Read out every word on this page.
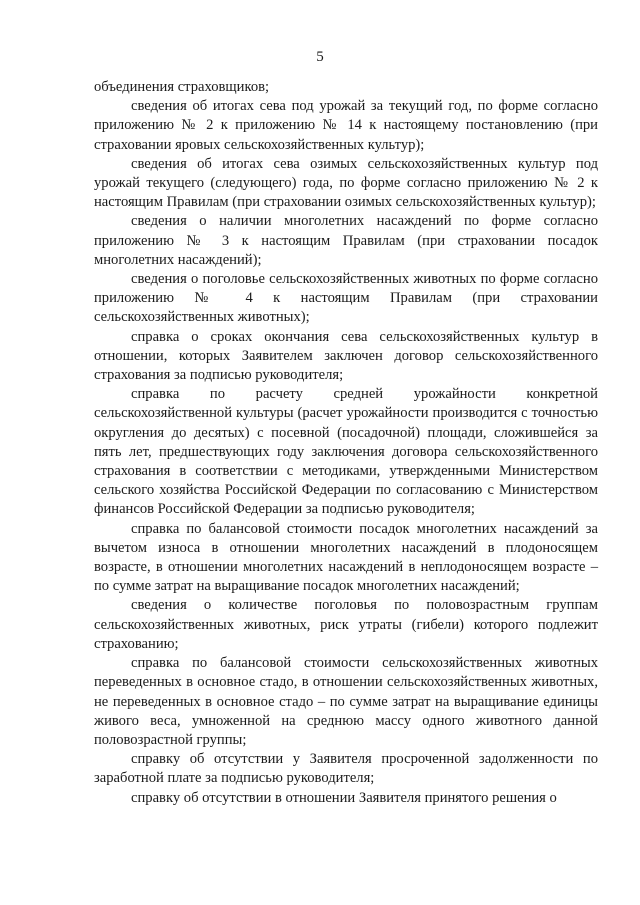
5

объединения страховщиков;

сведения об итогах сева под урожай за текущий год, по форме согласно приложению № 2 к приложению № 14 к настоящему постановлению (при страховании яровых сельскохозяйственных культур);

сведения об итогах сева озимых сельскохозяйственных культур под урожай текущего (следующего) года, по форме согласно приложению № 2 к настоящим Правилам (при страховании озимых сельскохозяйственных культур);

сведения о наличии многолетних насаждений по форме согласно приложению № 3 к настоящим Правилам (при страховании посадок многолетних насаждений);

сведения о поголовье сельскохозяйственных животных по форме согласно приложению № 4 к настоящим Правилам (при страховании сельскохозяйственных животных);

справка о сроках окончания сева сельскохозяйственных культур в отношении, которых Заявителем заключен договор сельскохозяйственного страхования за подписью руководителя;

справка по расчету средней урожайности конкретной сельскохозяйственной культуры (расчет урожайности производится с точностью округления до десятых) с посевной (посадочной) площади, сложившейся за пять лет, предшествующих году заключения договора сельскохозяйственного страхования в соответствии с методиками, утвержденными Министерством сельского хозяйства Российской Федерации по согласованию с Министерством финансов Российской Федерации за подписью руководителя;

справка по балансовой стоимости посадок многолетних насаждений за вычетом износа в отношении многолетних насаждений в плодоносящем возрасте, в отношении многолетних насаждений в неплодоносящем возрасте – по сумме затрат на выращивание посадок многолетних насаждений;

сведения о количестве поголовья по половозрастным группам сельскохозяйственных животных, риск утраты (гибели) которого подлежит страхованию;

справка по балансовой стоимости сельскохозяйственных животных переведенных в основное стадо, в отношении сельскохозяйственных животных, не переведенных в основное стадо – по сумме затрат на выращивание единицы живого веса, умноженной на среднюю массу одного животного данной половозрастной группы;

справку об отсутствии у Заявителя просроченной задолженности по заработной плате за подписью руководителя;

справку об отсутствии в отношении Заявителя принятого решения о
